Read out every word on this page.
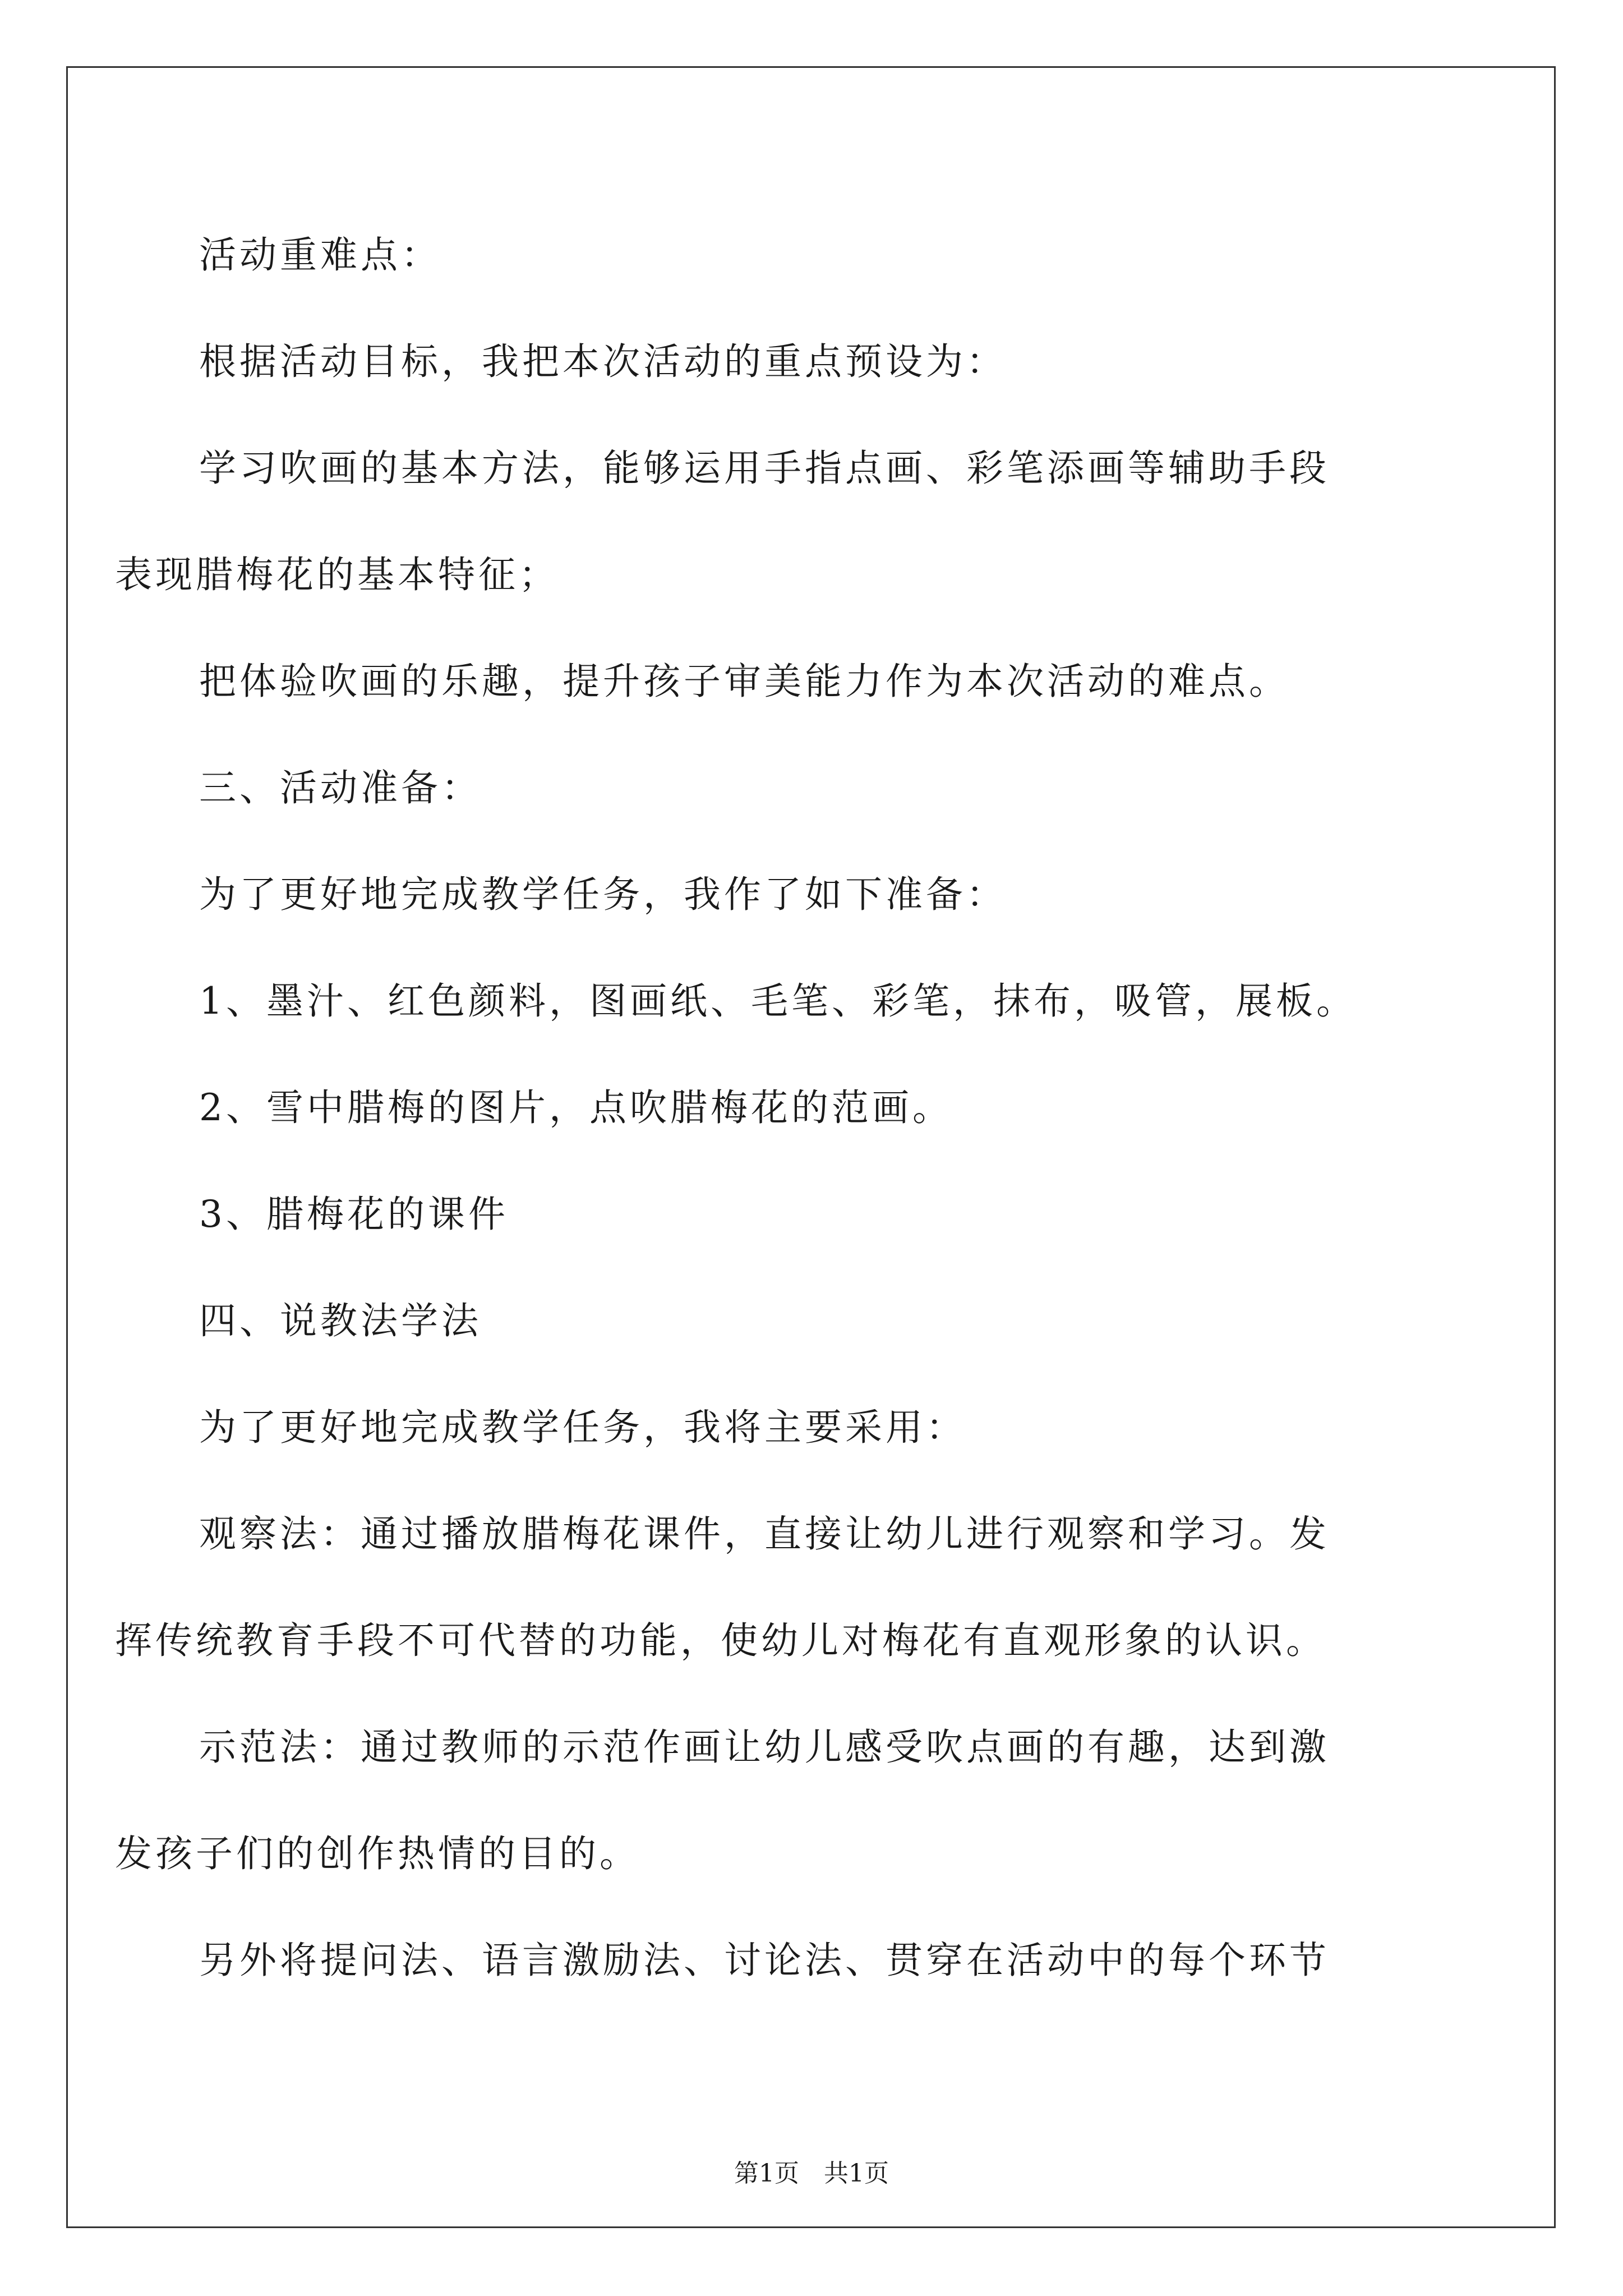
活动重难点：
根据活动目标，我把本次活动的重点预设为：
学习吹画的基本方法，能够运用手指点画、彩笔添画等辅助手段
表现腊梅花的基本特征；
把体验吹画的乐趣，提升孩子审美能力作为本次活动的难点。
三、活动准备：
为了更好地完成教学任务，我作了如下准备：
1、墨汁、红色颜料，图画纸、毛笔、彩笔，抹布，吸管，展板。
2、雪中腊梅的图片，点吹腊梅花的范画。
3、腊梅花的课件
四、说教法学法
为了更好地完成教学任务，我将主要采用：
观察法：通过播放腊梅花课件，直接让幼儿进行观察和学习。发
挥传统教育手段不可代替的功能，使幼儿对梅花有直观形象的认识。
示范法：通过教师的示范作画让幼儿感受吹点画的有趣，达到激
发孩子们的创作热情的目的。
另外将提问法、语言激励法、讨论法、贯穿在活动中的每个环节
第1页　共1页
